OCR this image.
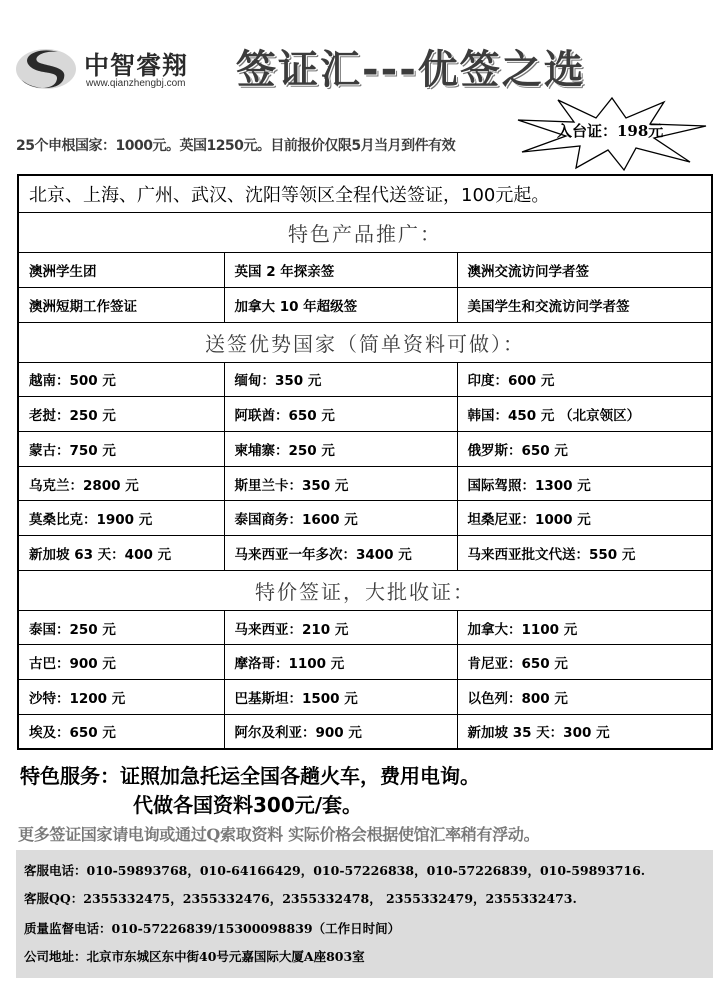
中智睿翔
www.qianzhengbj.com 签证汇---优签之选
入台证：198元
25个申根国家：1000元。英国1250元。目前报价仅限5月当月到件有效
北京、上海、广州、武汉、沈阳等领区全程代送签证，100元起。		
特色产品推广：		
澳洲学生团	英国 2 年探亲签	澳洲交流访问学者签
澳洲短期工作签证	加拿大 10 年超级签	美国学生和交流访问学者签
送签优势国家（简单资料可做）：		
越南：500 元	缅甸：350 元	印度：600 元
老挝：250 元	阿联酋：650 元	韩国：450 元 （北京领区）
蒙古：750 元	柬埔寨：250 元	俄罗斯：650 元
乌克兰：2800 元	斯里兰卡：350 元	国际驾照：1300 元
莫桑比克：1900 元	泰国商务：1600 元	坦桑尼亚：1000 元
新加坡 63 天：400 元	马来西亚一年多次：3400 元	马来西亚批文代送：550 元
特价签证，大批收证：		
泰国：250 元	马来西亚：210 元	加拿大：1100 元
古巴：900 元	摩洛哥：1100 元	肯尼亚：650 元
沙特：1200 元	巴基斯坦：1500 元	以色列：800 元
埃及：650 元	阿尔及利亚：900 元	新加坡 35 天：300 元
特色服务：证照加急托运全国各趟火车，费用电询。
代做各国资料300元/套。
更多签证国家请电询或通过Q索取资料 实际价格会根据使馆汇率稍有浮动。
客服电话：010-59893768，010-64166429，010-57226838，010-57226839，010-59893716.
客服QQ：2355332475，2355332476，2355332478， 2355332479，2355332473.
质量监督电话：010-57226839/15300098839（工作日时间）
公司地址：北京市东城区东中街40号元嘉国际大厦A座803室
